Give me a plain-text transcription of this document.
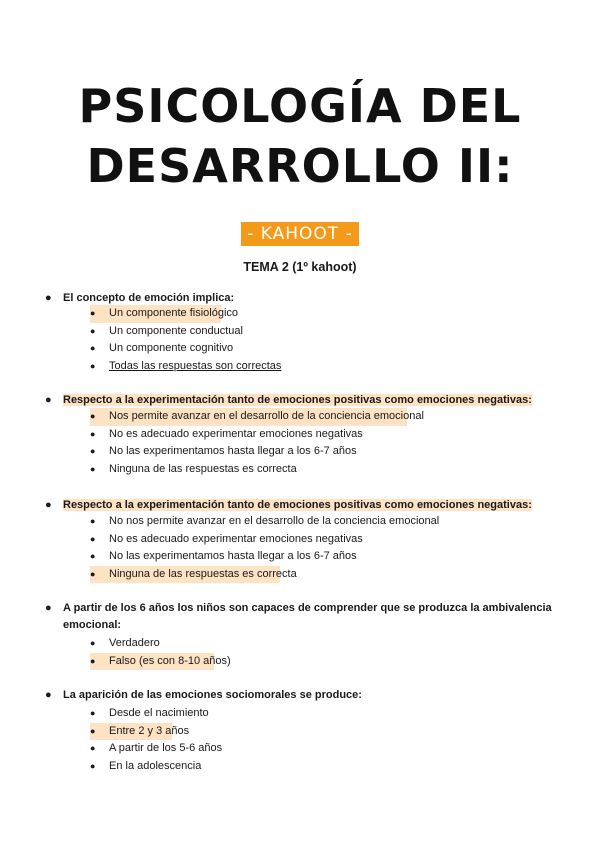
PSICOLOGÍA DEL
DESARROLLO II:
- KAHOOT -
TEMA 2 (1º kahoot)
● El concepto de emoción implica:
● Un componente fisiológico
● Un componente conductual
● Un componente cognitivo
● Todas las respuestas son correctas
● Respecto a la experimentación tanto de emociones positivas como emociones negativas:
● Nos permite avanzar en el desarrollo de la conciencia emocional
● No es adecuado experimentar emociones negativas
● No las experimentamos hasta llegar a los 6-7 años
● Ninguna de las respuestas es correcta
● Respecto a la experimentación tanto de emociones positivas como emociones negativas:
● No nos permite avanzar en el desarrollo de la conciencia emocional
● No es adecuado experimentar emociones negativas
● No las experimentamos hasta llegar a los 6-7 años
● Ninguna de las respuestas es correcta
● A partir de los 6 años los niños son capaces de comprender que se produzca la ambivalencia emocional:
● Verdadero
● Falso (es con 8-10 años)
● La aparición de las emociones sociomorales se produce:
● Desde el nacimiento
● Entre 2 y 3 años
● A partir de los 5-6 años
● En la adolescencia
